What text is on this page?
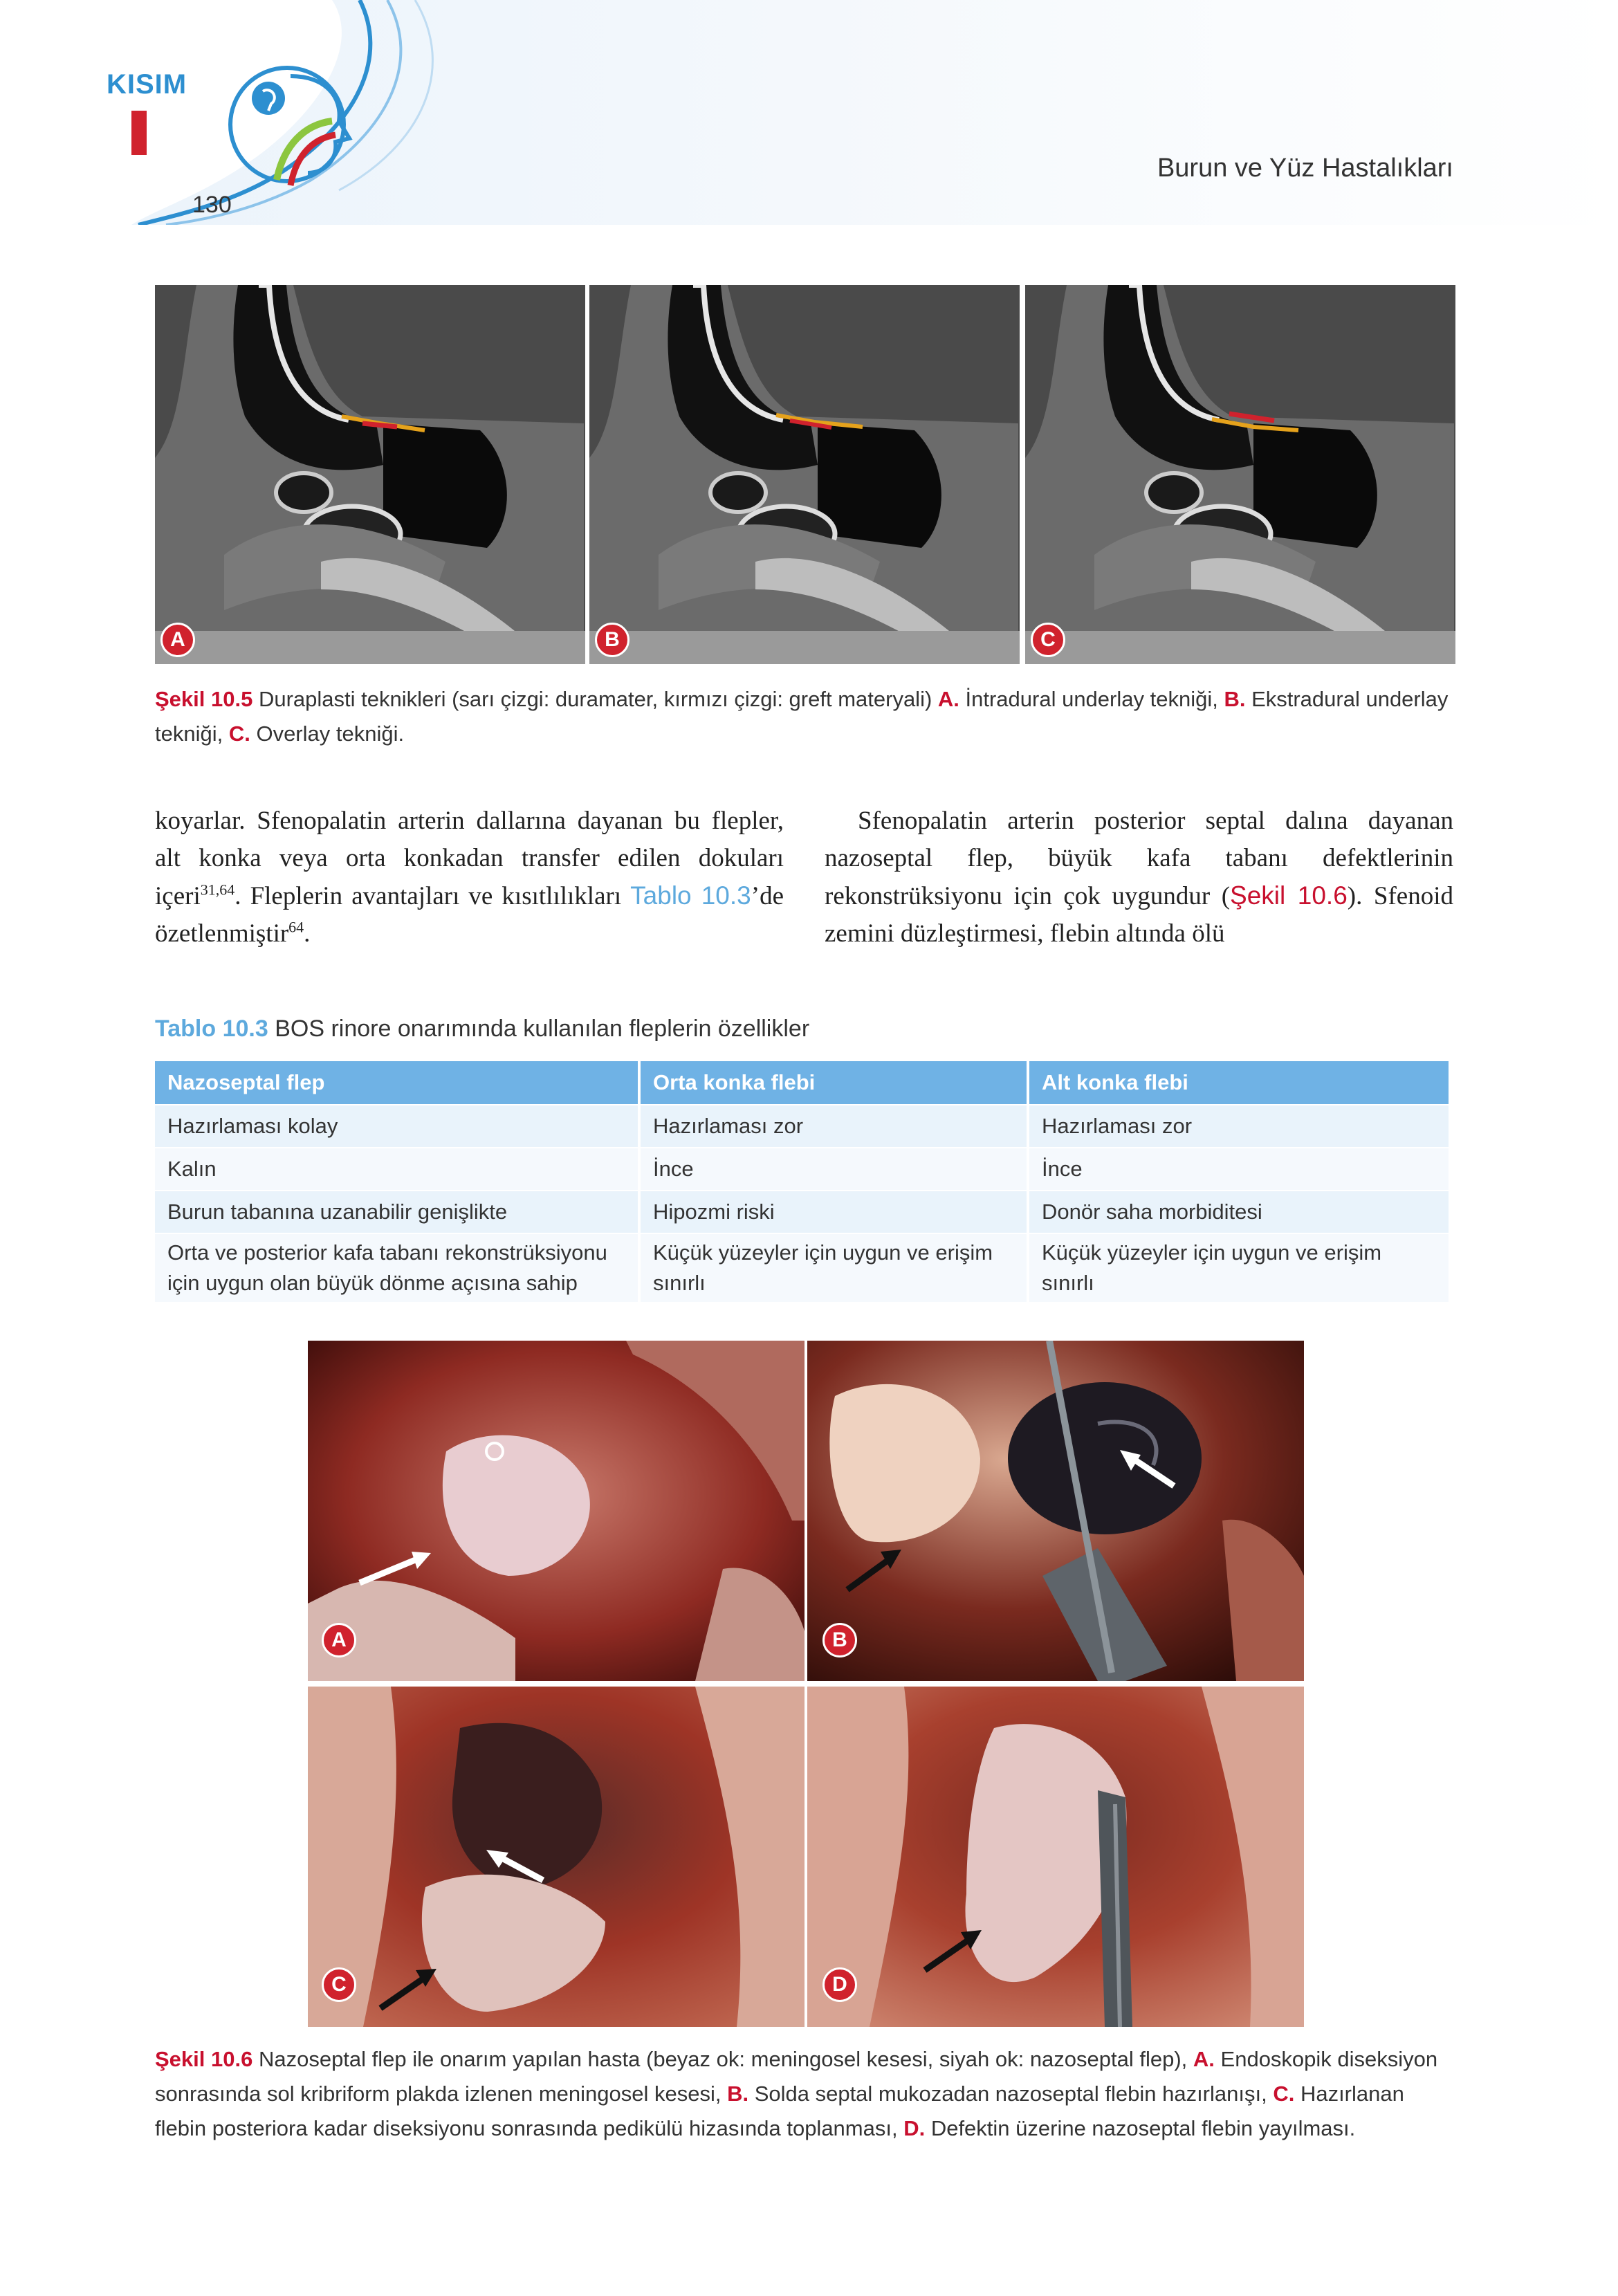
KISIM
130
Burun ve Yüz Hastalıkları
A	B	C
Şekil 10.5 Duraplasti teknikleri (sarı çizgi: duramater, kırmızı çizgi: greft materyali) A. İntradural underlay tekniği, B. Ekstradural underlay tekniği, C. Overlay tekniği.
koyarlar. Sfenopalatin arterin dallarına dayanan bu flepler, alt konka veya orta konkadan transfer edilen dokuları içeri$^{31,64}$. Fleplerin avantajları ve kısıtlılıkları Tablo 10.3’de özetlenmiştir$^{64}$.
Sfenopalatin arterin posterior septal dalına dayanan nazoseptal flep, büyük kafa tabanı defektlerinin rekonstrüksiyonu için çok uygundur (Şekil 10.6). Sfenoid zemini düzleştirmesi, flebin altında ölü
Tablo 10.3 BOS rinore onarımında kullanılan fleplerin özellikler
Nazoseptal flep	Orta konka flebi	Alt konka flebi
Hazırlaması kolay	Hazırlaması zor	Hazırlaması zor
Kalın	İnce	İnce
Burun tabanına uzanabilir genişlikte	Hipozmi riski	Donör saha morbiditesi
Orta ve posterior kafa tabanı rekonstrüksiyonu için uygun olan büyük dönme açısına sahip	Küçük yüzeyler için uygun ve erişim sınırlı	Küçük yüzeyler için uygun ve erişim sınırlı
A	B
C	D
Şekil 10.6 Nazoseptal flep ile onarım yapılan hasta (beyaz ok: meningosel kesesi, siyah ok: nazoseptal flep), A. Endoskopik diseksiyon sonrasında sol kribriform plakda izlenen meningosel kesesi, B. Solda septal mukozadan nazoseptal flebin hazırlanışı, C. Hazırlanan flebin posteriora kadar diseksiyonu sonrasında pedikülü hizasında toplanması, D. Defektin üzerine nazoseptal flebin yayılması.
